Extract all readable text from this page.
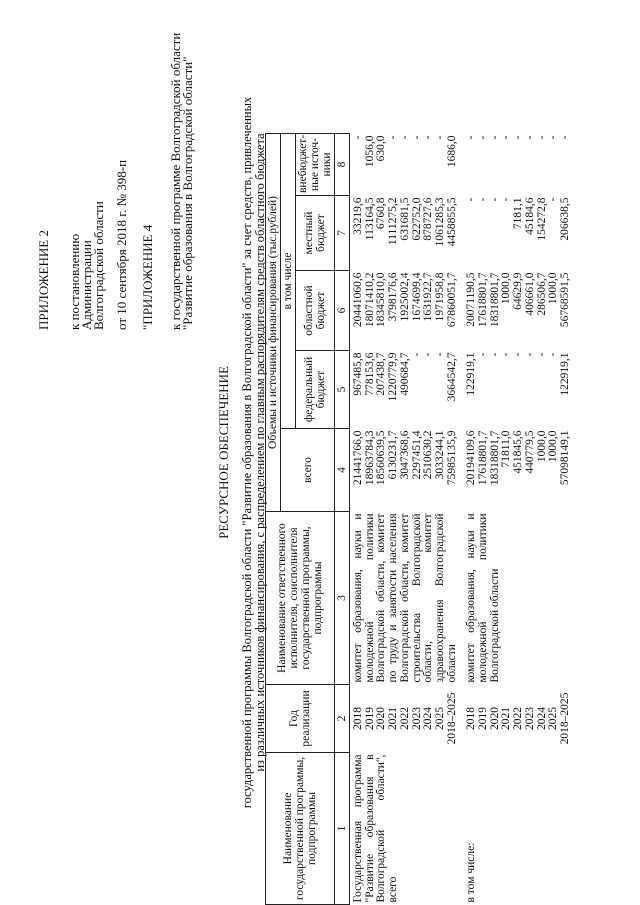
ПРИЛОЖЕНИЕ 2 к постановлению
Администрации
Волгоградской области от 10 сентября 2018 г. № 398-п "ПРИЛОЖЕНИЕ 4 к государственной программе Волгоградской области
"Развитие образования в Волгоградской области"
РЕСУРСНОЕ ОБЕСПЕЧЕНИЕ государственной программы Волгоградской области "Развитие образования в Волгоградской области" за счет средств, привлеченных из различных источников финансирования, с распределением по главным распорядителям средств областного бюджета
Наименование государственной программы, подпрограммы	Год реализации	Наименование ответственного исполнителя, соисполнителя государственной программы, подпрограммы	Объемы и источники финансирования (тыс.рублей)					
			всего	в том числе				
				федеральный бюджет	областной бюджет	местный бюджет	внебюджет-ные источ-ники	
1	2	3	4	5	6	7	8	
Государственная программа "Развитие образования в Волгоградской области", всего	2018	комитет образования, науки и молодежной политики Волгоградской области, комитет по труду и занятости населения Волгоградской области, комитет строительства Волгоградской области, комитет здравоохранения Волгоградской области	21441766,0	967485,8	20441060,6	33219,6	-	
	2019		18963784,3	778153,6	18071410,2	113164,5	1056,0	
	2020		18560639,5	207438,7	18345810,0	6760,8	630,0	
	2021		6130231,7	1220779,9	3798176,6	1111275,2	-	
	2022		3047368,6	490684,7	1925002,4	631681,5	-	
	2023		2297451,4	-	1674699,4	622752,0	-	
	2024		2510630,2	-	1631922,7	878727,6	-	
	2025		3033244,1	-	1971958,8	1061285,3	-	
	2018–2025		75985135,9	3664542,7	67860051,7	4458855,5	1686,0	

в том числе:	2018	комитет образования, науки и молодежной политики Волгоградской области	20194109,6	122919,1	20071190,5	-	-	
	2019		17618801,7	-	17618801,7	-	-	
	2020		18318801,7	-	18318801,7	-	-	
	2021		71811,0	-	1000,0	-	-	
	2022		451845,6	-	64629,9	7181,1	-	
	2023		440779,5	-	406661,0	45184,6	-	
	2024		1000,0	-	286506,7	154272,8	-	
	2025		1000,0	-	1000,0	-	-	
	2018–2025		57098149,1	122919,1	56768591,5	206638,5	-	
